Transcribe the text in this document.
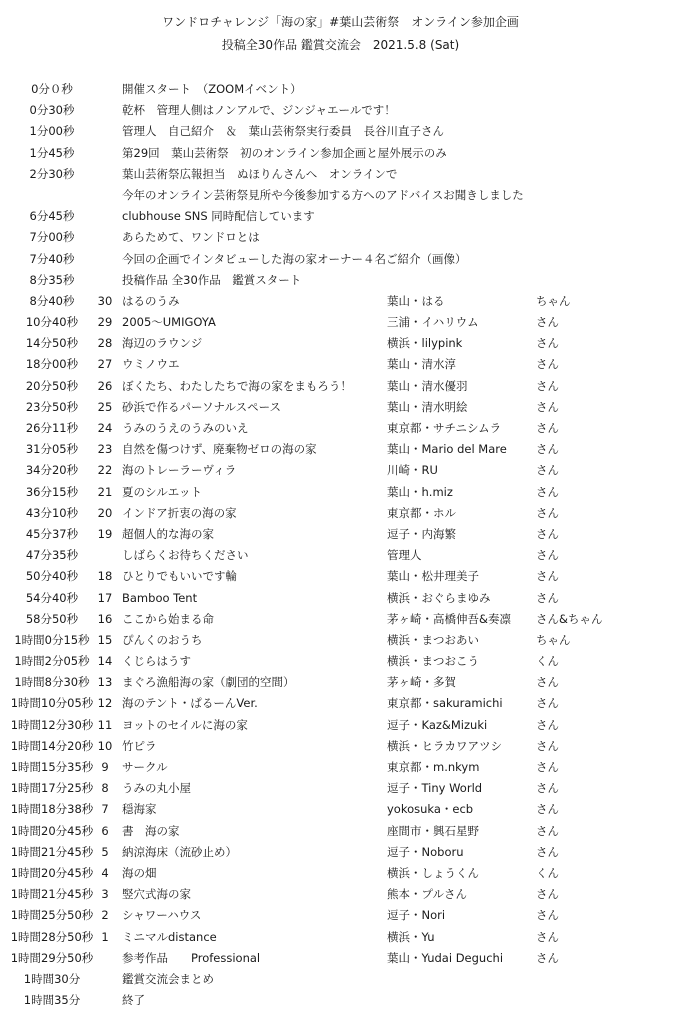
ワンドロチャレンジ「海の家」#葉山芸術祭　オンライン参加企画
投稿全30作品 鑑賞交流会　2021.5.8 (Sat)
0分０秒	開催スタート　（ZOOMイベント）
0分30秒	乾杯　管理人側はノンアルで、ジンジャエールです！
1分00秒	管理人　自己紹介　＆　葉山芸術祭実行委員　長谷川直子さん
1分45秒	第29回　葉山芸術祭　初のオンライン参加企画と屋外展示のみ
2分30秒	葉山芸術祭広報担当　ぬほりんさんへ　オンラインで
今年のオンライン芸術祭見所や今後参加する方へのアドバイスお聞きしました
6分45秒	clubhouse SNS 同時配信しています
7分00秒	あらためて、ワンドロとは
7分40秒	今回の企画でインタビューした海の家オーナー４名ご紹介（画像）
8分35秒	投稿作品 全30作品　鑑賞スタート
8分40秒	30 はるのうみ	葉山・はる	ちゃん
10分40秒	29 2005〜UMIGOYA	三浦・イハリウム	さん
14分50秒	28 海辺のラウンジ	横浜・lilypink	さん
18分00秒	27 ウミノウエ	葉山・清水淳	さん
20分50秒	26 ぼくたち、わたしたちで海の家をまもろう！	葉山・清水優羽	さん
23分50秒	25 砂浜で作るパーソナルスペース	葉山・清水明絵	さん
26分11秒	24 うみのうえのうみのいえ	東京都・サチニシムラ	さん
31分05秒	23 自然を傷つけず、廃棄物ゼロの海の家	葉山・Mario del Mare	さん
34分20秒	22 海のトレーラーヴィラ	川崎・RU	さん
36分15秒	21 夏のシルエット	葉山・h.miz	さん
43分10秒	20 インドア折衷の海の家	東京都・ホル	さん
45分37秒	19 超個人的な海の家	逗子・内海繁	さん
47分35秒	しばらくお待ちください	管理人	さん
50分40秒	18 ひとりでもいいです輪	葉山・松井理美子	さん
54分40秒	17 Bamboo Tent	横浜・おぐらまゆみ	さん
58分50秒	16 ここから始まる命	茅ヶ崎・高橋伸吾&奏凛 さん&ちゃん
1時間0分15秒 15 ぴんくのおうち	横浜・まつおあい	ちゃん
1時間2分05秒 14 くじらはうす	横浜・まつおこう	くん
1時間8分30秒 13 まぐろ漁船海の家（劇団的空間）	茅ヶ崎・多賀	さん
1時間10分05秒 12 海のテント・ぱるーんVer.	東京都・sakuramichi	さん
1時間12分30秒 11 ヨットのセイルに海の家	逗子・Kaz&Mizuki	さん
1時間14分20秒 10 竹ピラ	横浜・ヒラカワアツシ	さん
1時間15分35秒 9	サークル	東京都・m.nkym	さん
1時間17分25秒 8	うみの丸小屋	逗子・Tiny World	さん
1時間18分38秒 7	穏海家	yokosuka・ecb	さん
1時間20分45秒 6	書　海の家	座間市・興石星野	さん
1時間21分45秒 5	納涼海床（流砂止め）	逗子・Noboru	さん
1時間20分45秒 4	海の畑	横浜・しょうくん	くん
1時間21分45秒 3	竪穴式海の家	熊本・プルさん	さん
1時間25分50秒 2	シャワーハウス	逗子・Nori	さん
1時間28分50秒 1	ミニマルdistance	横浜・Yu	さん
1時間29分50秒	参考作品　　Professional	葉山・Yudai Deguchi	さん
1時間30分	鑑賞交流会まとめ
1時間35分	終了
